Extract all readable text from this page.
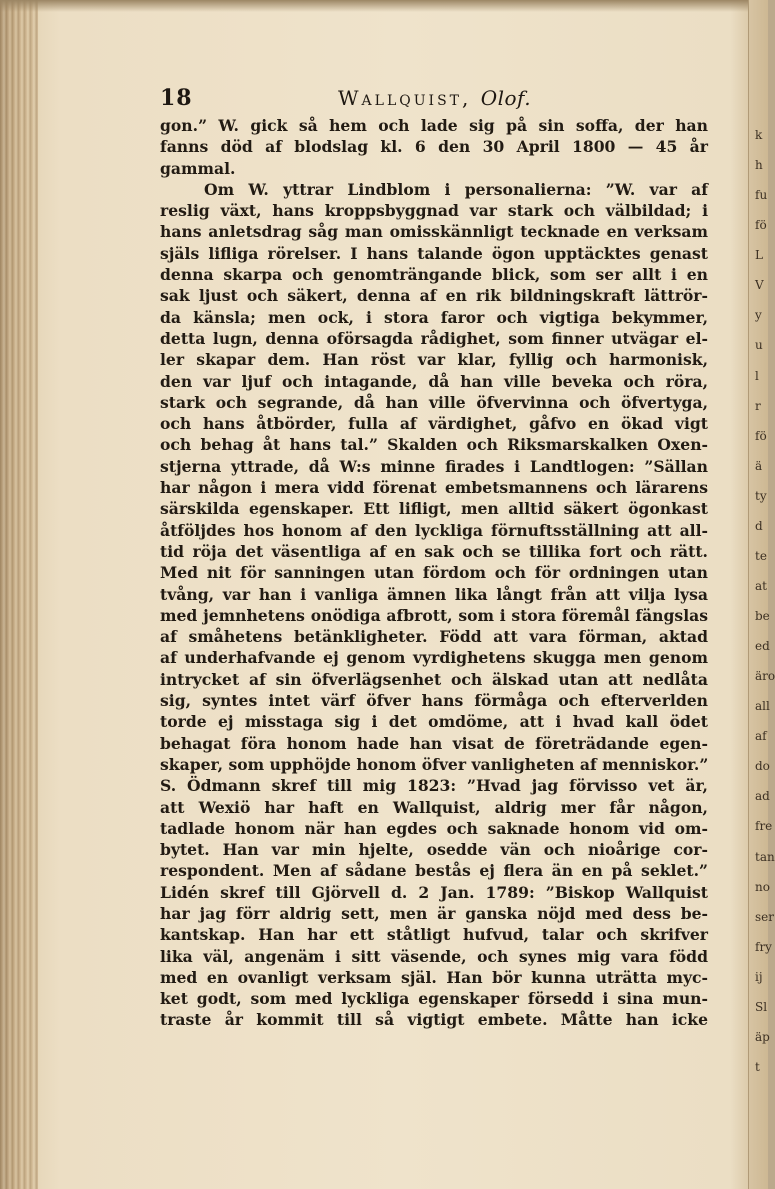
k
h
fu
fö
L
V
y
u
l
r
fö
ä
ty
d
te
at
be
ed
äro
all
af
do
ad
fre
tan
no
ser
fry
ij
Sl
äp
t
18	Wallquist, Olof.
gon.” W. gick så hem och lade sig på sin soffa, der han
fanns död af blodslag kl. 6 den 30 April 1800 — 45 år
gammal.
Om W. yttrar Lindblom i personalierna: ”W. var af
reslig växt, hans kroppsbyggnad var stark och välbildad; i
hans anletsdrag såg man omisskännligt tecknade en verksam
själs lifliga rörelser. I hans talande ögon upptäcktes genast
denna skarpa och genomträngande blick, som ser allt i en
sak ljust och säkert, denna af en rik bildningskraft lättrör-
da känsla; men ock, i stora faror och vigtiga bekymmer,
detta lugn, denna oförsagda rådighet, som finner utvägar el-
ler skapar dem. Han röst var klar, fyllig och harmonisk,
den var ljuf och intagande, då han ville beveka och röra,
stark och segrande, då han ville öfvervinna och öfvertyga,
och hans åtbörder, fulla af värdighet, gåfvo en ökad vigt
och behag åt hans tal.” Skalden och Riksmarskalken Oxen-
stjerna yttrade, då W:s minne firades i Landtlogen: ”Sällan
har någon i mera vidd förenat embetsmannens och lärarens
särskilda egenskaper. Ett lifligt, men alltid säkert ögonkast
åtföljdes hos honom af den lyckliga förnuftsställning att all-
tid röja det väsentliga af en sak och se tillika fort och rätt.
Med nit för sanningen utan fördom och för ordningen utan
tvång, var han i vanliga ämnen lika långt från att vilja lysa
med jemnhetens onödiga afbrott, som i stora föremål fängslas
af småhetens betänkligheter. Född att vara förman, aktad
af underhafvande ej genom vyrdighetens skugga men genom
intrycket af sin öfverlägsenhet och älskad utan att nedlåta
sig, syntes intet värf öfver hans förmåga och efterverlden
torde ej misstaga sig i det omdöme, att i hvad kall ödet
behagat föra honom hade han visat de företrädande egen-
skaper, som upphöjde honom öfver vanligheten af menniskor.”
S. Ödmann skref till mig 1823: ”Hvad jag förvisso vet är,
att Wexiö har haft en Wallquist, aldrig mer får någon,
tadlade honom när han egdes och saknade honom vid om-
bytet. Han var min hjelte, osedde vän och nioårige cor-
respondent. Men af sådane bestås ej flera än en på seklet.”
Lidén skref till Gjörvell d. 2 Jan. 1789: ”Biskop Wallquist
har jag förr aldrig sett, men är ganska nöjd med dess be-
kantskap. Han har ett ståtligt hufvud, talar och skrifver
lika väl, angenäm i sitt väsende, och synes mig vara född
med en ovanligt verksam själ. Han bör kunna uträtta myc-
ket godt, som med lyckliga egenskaper försedd i sina mun-
traste år kommit till så vigtigt embete. Måtte han icke
